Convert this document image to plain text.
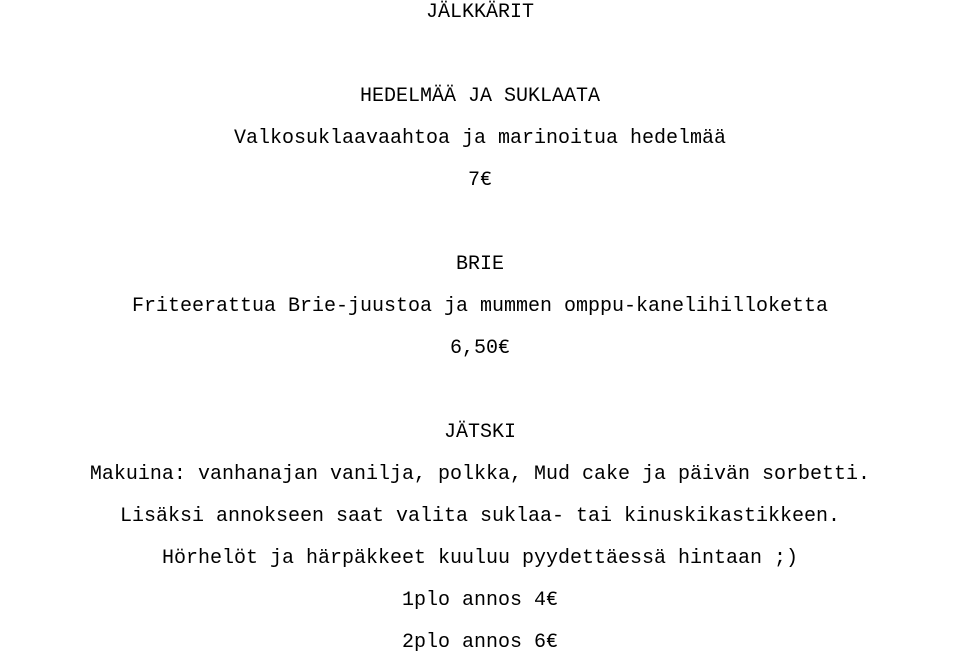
JÄLKKÄRIT
HEDELMÄÄ JA SUKLAATA
Valkosuklaavaahtoa ja marinoitua hedelmää
7€
BRIE
Friteerattua Brie-juustoa ja mummen omppu-kanelihilloketta
6,50€
JÄTSKI
Makuina: vanhanajan vanilja, polkka, Mud cake ja päivän sorbetti.
Lisäksi annokseen saat valita suklaa- tai kinuskikastikkeen.
Hörhelöt ja härpäkkeet kuuluu pyydettäessä hintaan ;)
1plo annos 4€
2plo annos 6€
